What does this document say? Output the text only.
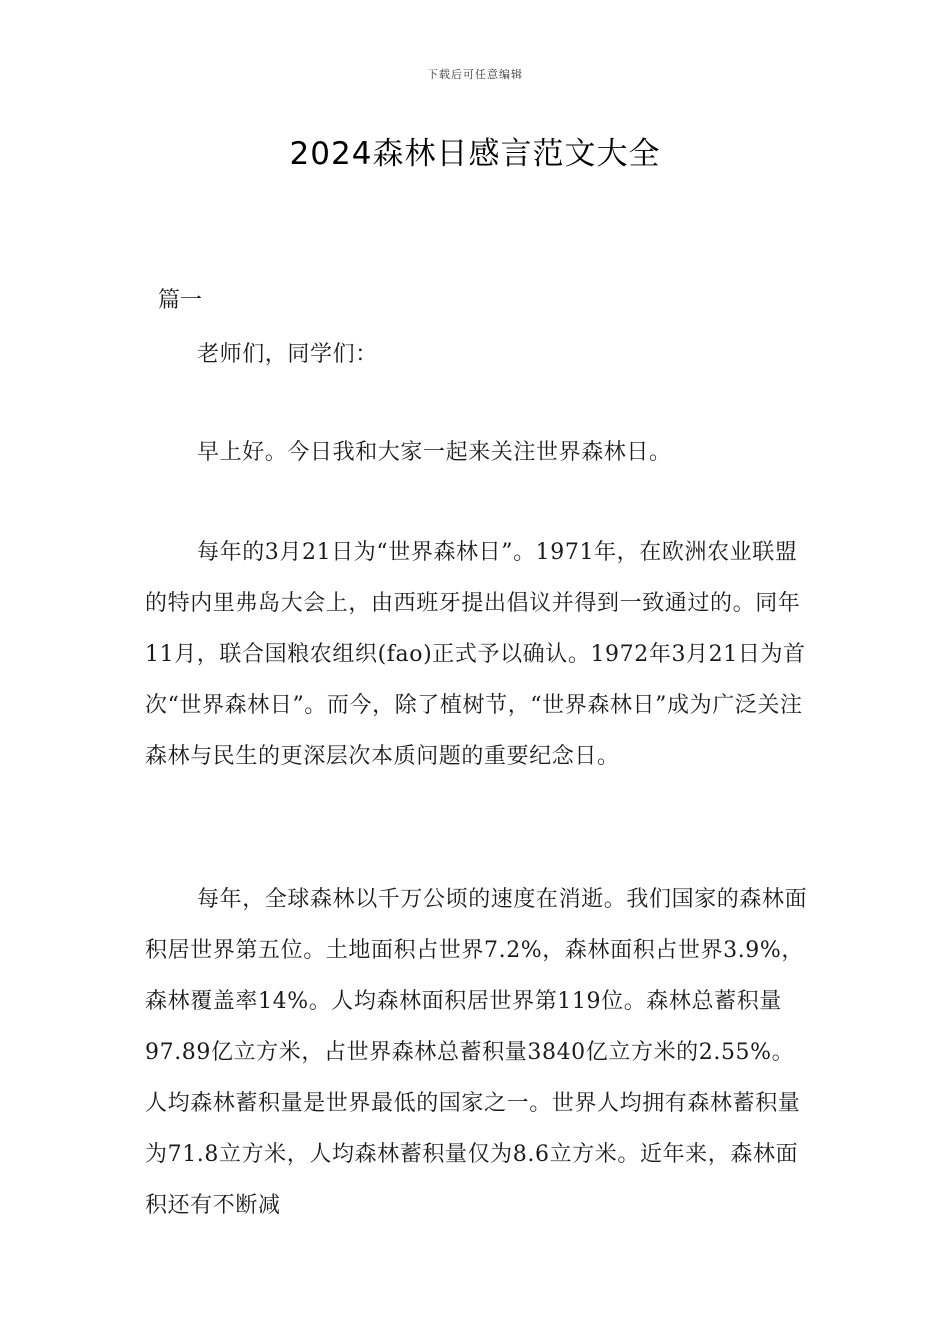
下载后可任意编辑
2024森林日感言范文大全
篇一

老师们，同学们：

早上好。今日我和大家一起来关注世界森林日。

每年的3月21日为“世界森林日”。1971年，在欧洲农业联盟的特内里弗岛大会上，由西班牙提出倡议并得到一致通过的。同年11月，联合国粮农组织(fao)正式予以确认。1972年3月21日为首次“世界森林日”。而今，除了植树节，“世界森林日”成为广泛关注森林与民生的更深层次本质问题的重要纪念日。

每年，全球森林以千万公顷的速度在消逝。我们国家的森林面积居世界第五位。土地面积占世界7.2%，森林面积占世界3.9%，森林覆盖率14%。人均森林面积居世界第119位。森林总蓄积量97.89亿立方米，占世界森林总蓄积量3840亿立方米的2.55%。人均森林蓄积量是世界最低的国家之一。世界人均拥有森林蓄积量为71.8立方米，人均森林蓄积量仅为8.6立方米。近年来，森林面积还有不断减
